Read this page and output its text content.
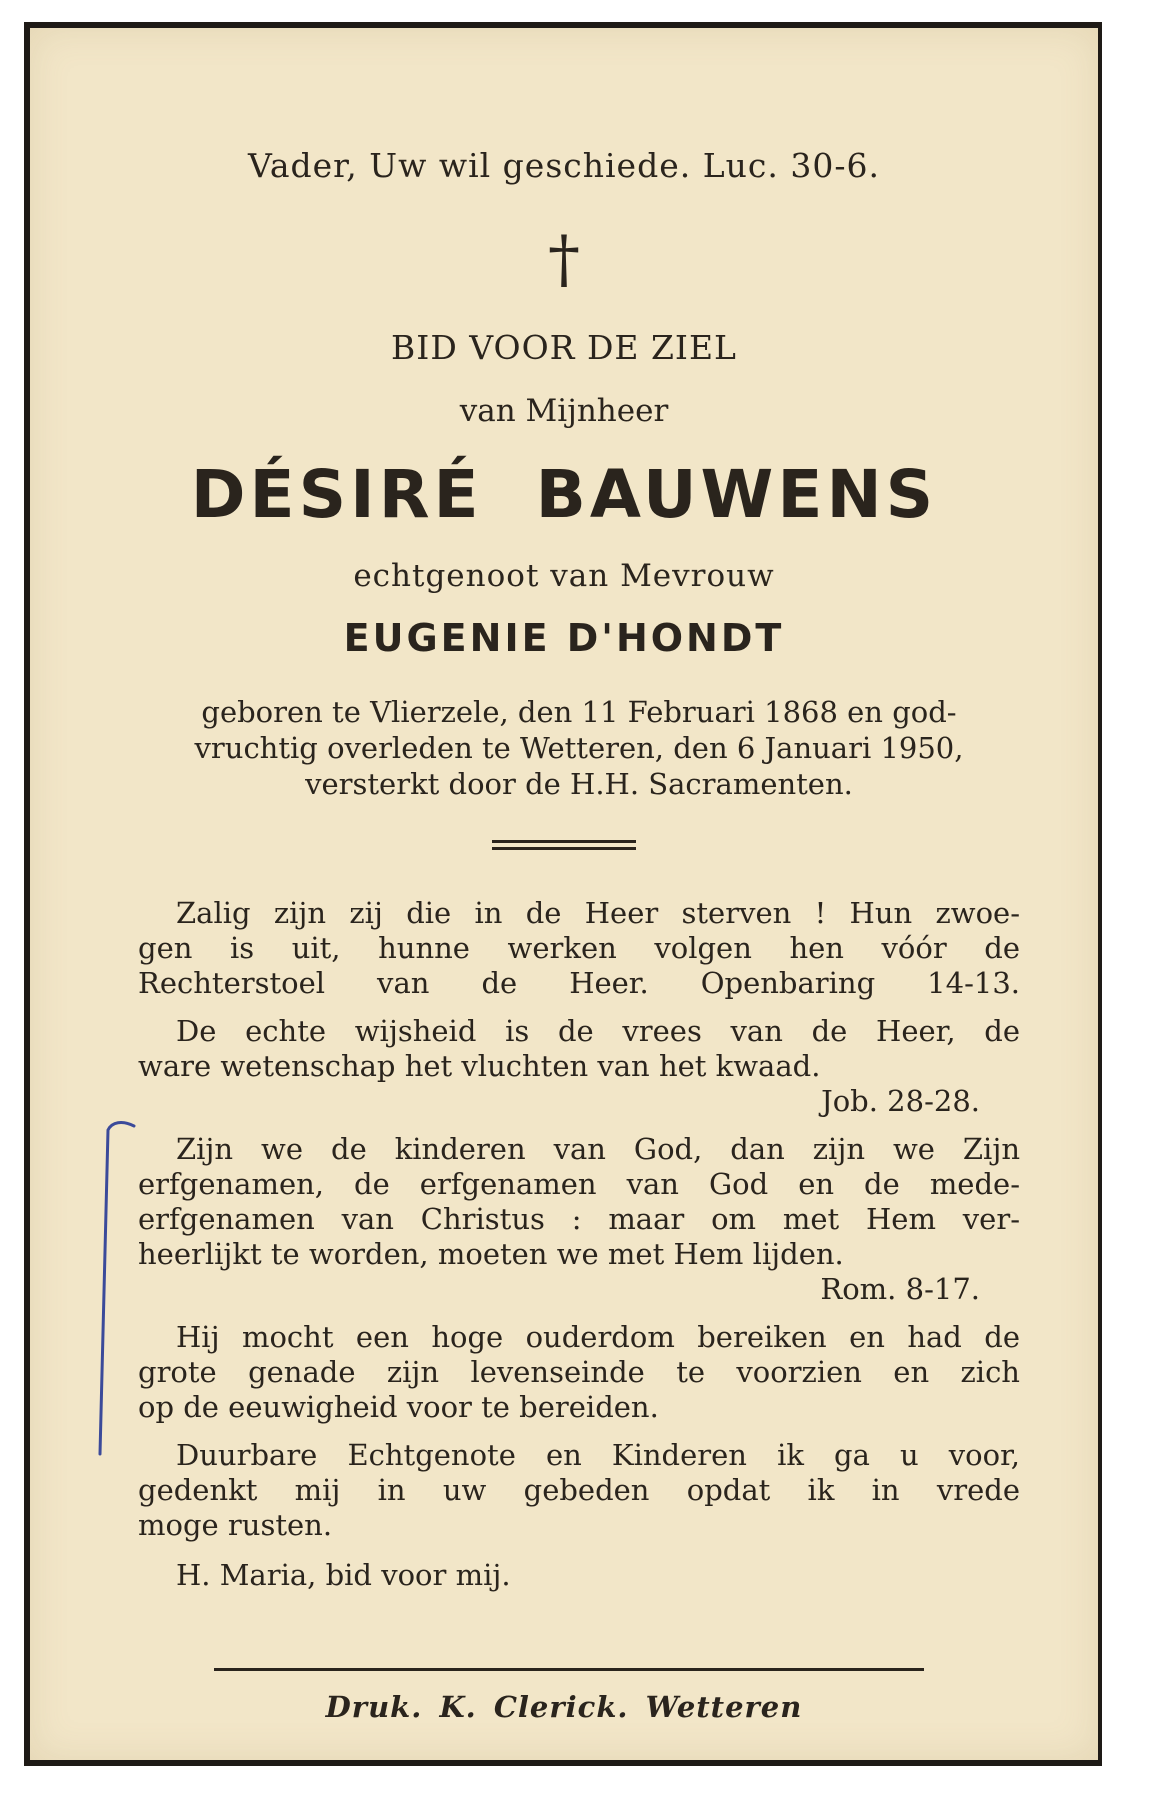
Vader, Uw wil geschiede. Luc. 30-6.
†
BID VOOR DE ZIEL
van Mijnheer
DÉSIRÉ BAUWENS
echtgenoot van Mevrouw
EUGENIE D'HONDT
geboren te Vlierzele, den 11 Februari 1868 en god-
vruchtig overleden te Wetteren, den 6 Januari 1950,
versterkt door de H.H. Sacramenten.
Zalig zijn zij die in de Heer sterven ! Hun zwoe-
gen is uit, hunne werken volgen hen vóór de
Rechterstoel van de Heer. Openbaring 14-13.
De echte wijsheid is de vrees van de Heer, de
ware wetenschap het vluchten van het kwaad.
Job. 28-28.
Zijn we de kinderen van God, dan zijn we Zijn
erfgenamen, de erfgenamen van God en de mede-
erfgenamen van Christus : maar om met Hem ver-
heerlijkt te worden, moeten we met Hem lijden.
Rom. 8-17.
Hij mocht een hoge ouderdom bereiken en had de
grote genade zijn levenseinde te voorzien en zich
op de eeuwigheid voor te bereiden.
Duurbare Echtgenote en Kinderen ik ga u voor,
gedenkt mij in uw gebeden opdat ik in vrede
moge rusten.
H. Maria, bid voor mij.
Druk. K. Clerick. Wetteren
